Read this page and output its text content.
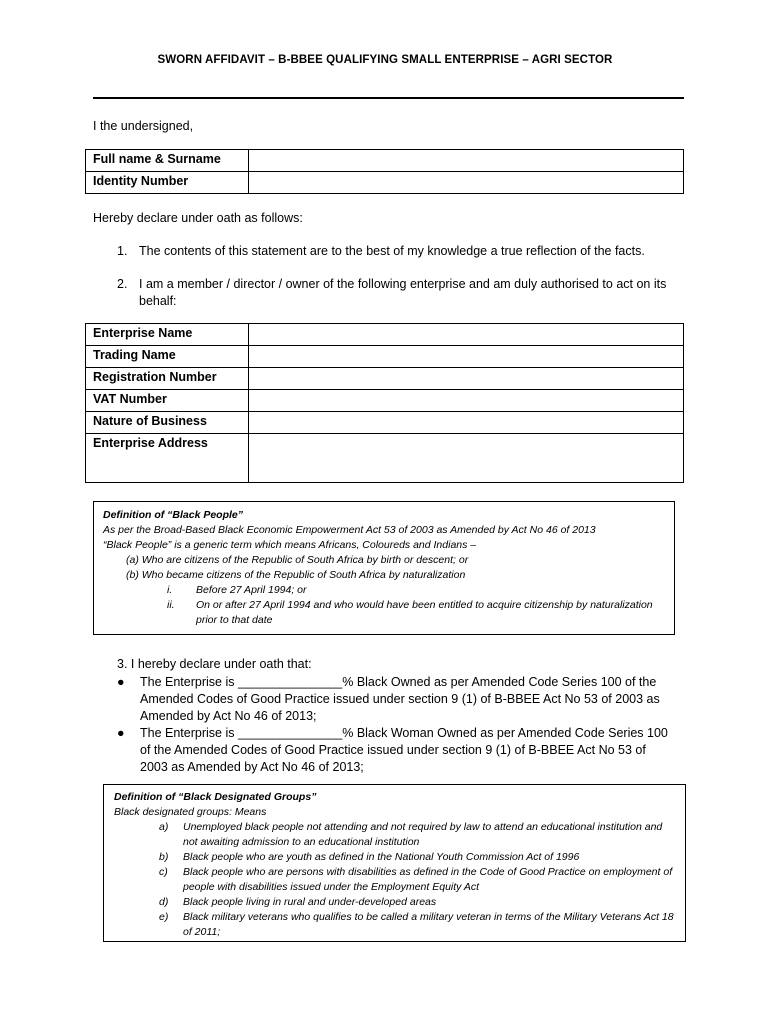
SWORN AFFIDAVIT – B-BBEE QUALIFYING SMALL ENTERPRISE – AGRI SECTOR
I the undersigned,
Full name & Surname	
Identity Number	
Hereby declare under oath as follows:
1. The contents of this statement are to the best of my knowledge a true reflection of the facts.
2. I am a member / director / owner of the following enterprise and am duly authorised to act on its behalf:
Enterprise Name	
Trading Name	
Registration Number	
VAT Number	
Nature of Business	
Enterprise Address	
Definition of “Black People”
As per the Broad-Based Black Economic Empowerment Act 53 of 2003 as Amended by Act No 46 of 2013
“Black People” is a generic term which means Africans, Coloureds and Indians –
(a) Who are citizens of the Republic of South Africa by birth or descent; or
(b) Who became citizens of the Republic of South Africa by naturalization
i. Before 27 April 1994; or
ii. On or after 27 April 1994 and who would have been entitled to acquire citizenship by naturalization prior to that date
3. I hereby declare under oath that:
● The Enterprise is _______________% Black Owned as per Amended Code Series 100 of the Amended Codes of Good Practice issued under section 9 (1) of B-BBEE Act No 53 of 2003 as Amended by Act No 46 of 2013;
● The Enterprise is _______________% Black Woman Owned as per Amended Code Series 100 of the Amended Codes of Good Practice issued under section 9 (1) of B-BBEE Act No 53 of 2003 as Amended by Act No 46 of 2013;
Definition of “Black Designated Groups”
Black designated groups: Means
a) Unemployed black people not attending and not required by law to attend an educational institution and not awaiting admission to an educational institution
b) Black people who are youth as defined in the National Youth Commission Act of 1996
c) Black people who are persons with disabilities as defined in the Code of Good Practice on employment of people with disabilities issued under the Employment Equity Act
d) Black people living in rural and under-developed areas
e) Black military veterans who qualifies to be called a military veteran in terms of the Military Veterans Act 18 of 2011;
